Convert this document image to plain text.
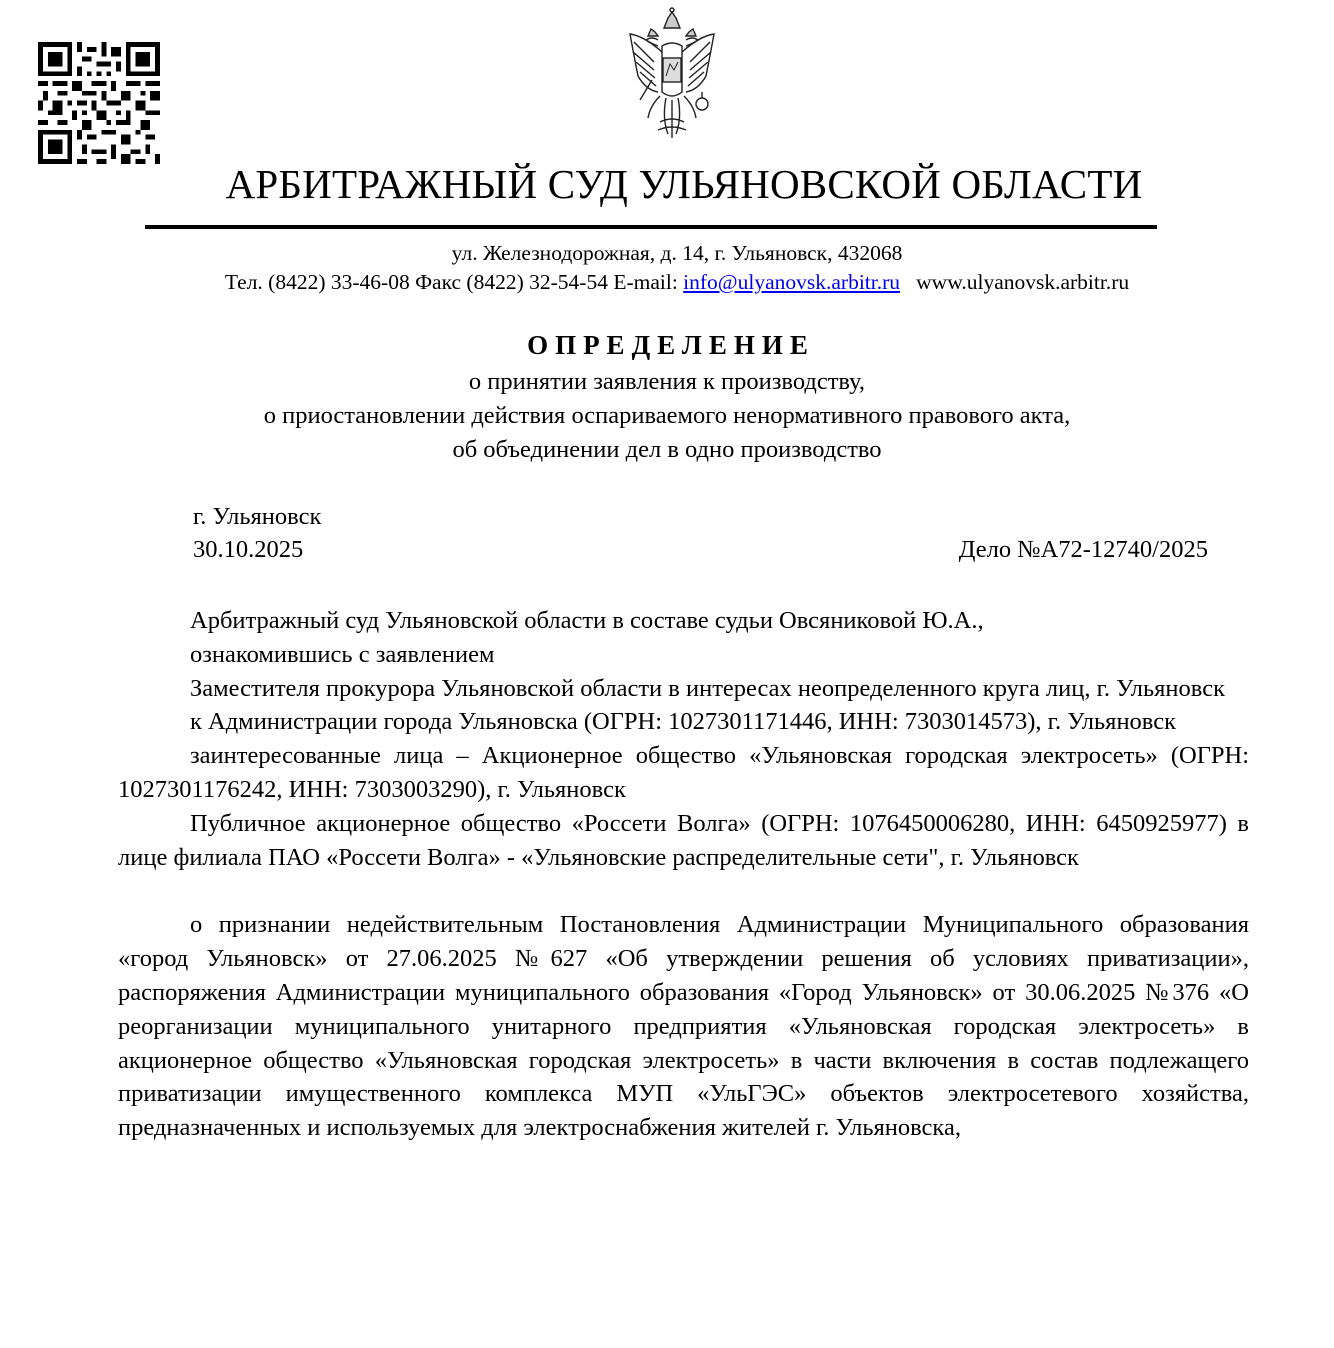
АРБИТРАЖНЫЙ СУД УЛЬЯНОВСКОЙ ОБЛАСТИ
ул. Железнодорожная, д. 14, г. Ульяновск, 432068
Тел. (8422) 33-46-08 Факс (8422) 32-54-54 E-mail: info@ulyanovsk.arbitr.ru www.ulyanovsk.arbitr.ru
ОПРЕДЕЛЕНИЕ
о принятии заявления к производству,
о приостановлении действия оспариваемого ненормативного правового акта,
об объединении дел в одно производство
г. Ульяновск
30.10.2025	Дело №А72-12740/2025

Арбитражный суд Ульяновской области в составе судьи Овсяниковой Ю.А.,

ознакомившись с заявлением

Заместителя прокурора Ульяновской области в интересах неопределенного круга лиц, г. Ульяновск

к Администрации города Ульяновска (ОГРН: 1027301171446, ИНН: 7303014573), г. Ульяновск

заинтересованные лица – Акционерное общество «Ульяновская городская электросеть» (ОГРН: 1027301176242, ИНН: 7303003290), г. Ульяновск

Публичное акционерное общество «Россети Волга» (ОГРН: 1076450006280, ИНН: 6450925977) в лице филиала ПАО «Россети Волга» - «Ульяновские распределительные сети", г. Ульяновск

о признании недействительным Постановления Администрации Муниципального образования «город Ульяновск» от 27.06.2025 №627 «Об утверждении решения об условиях приватизации», распоряжения Администрации муниципального образования «Город Ульяновск» от 30.06.2025 №376 «О реорганизации муниципального унитарного предприятия «Ульяновская городская электросеть» в акционерное общество «Ульяновская городская электросеть» в части включения в состав подлежащего приватизации имущественного комплекса МУП «УльГЭС» объектов электросетевого хозяйства, предназначенных и используемых для электроснабжения жителей г. Ульяновска,
